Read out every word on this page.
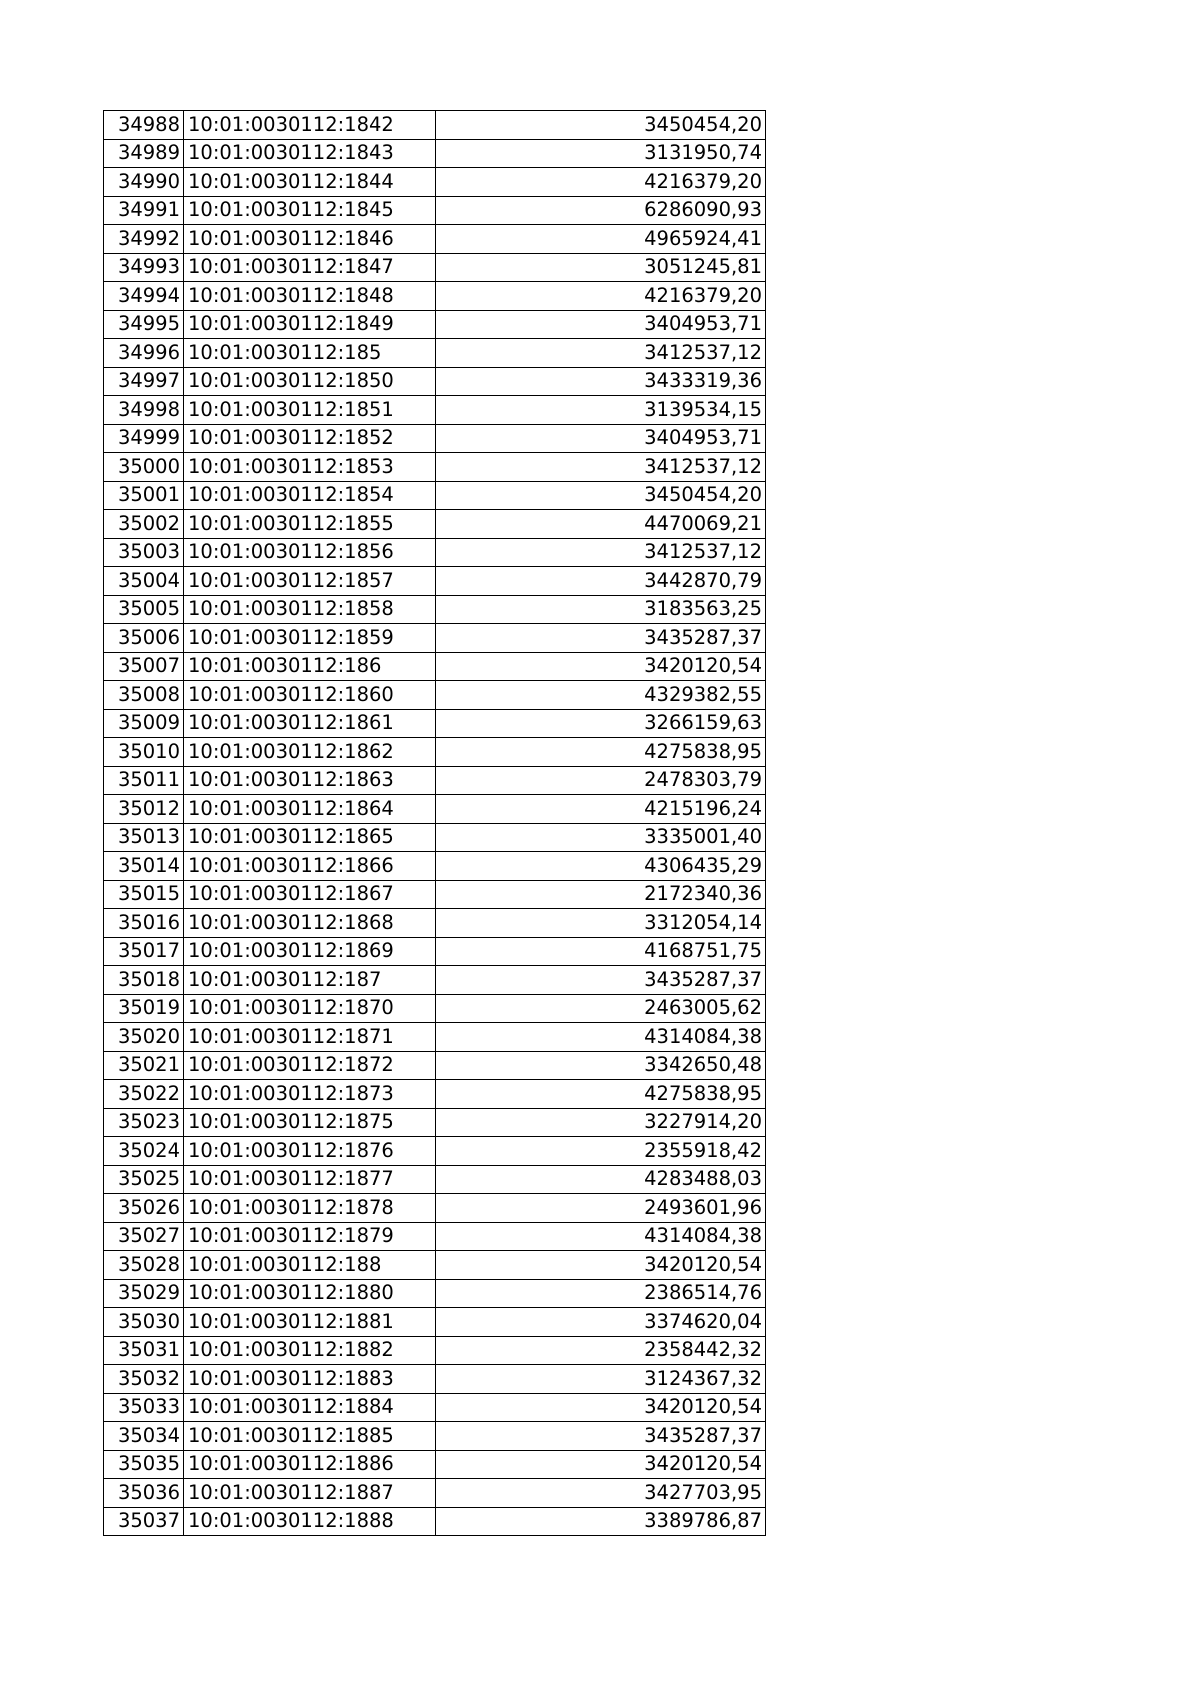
34988	10:01:0030112:1842	3450454,20
34989	10:01:0030112:1843	3131950,74
34990	10:01:0030112:1844	4216379,20
34991	10:01:0030112:1845	6286090,93
34992	10:01:0030112:1846	4965924,41
34993	10:01:0030112:1847	3051245,81
34994	10:01:0030112:1848	4216379,20
34995	10:01:0030112:1849	3404953,71
34996	10:01:0030112:185	3412537,12
34997	10:01:0030112:1850	3433319,36
34998	10:01:0030112:1851	3139534,15
34999	10:01:0030112:1852	3404953,71
35000	10:01:0030112:1853	3412537,12
35001	10:01:0030112:1854	3450454,20
35002	10:01:0030112:1855	4470069,21
35003	10:01:0030112:1856	3412537,12
35004	10:01:0030112:1857	3442870,79
35005	10:01:0030112:1858	3183563,25
35006	10:01:0030112:1859	3435287,37
35007	10:01:0030112:186	3420120,54
35008	10:01:0030112:1860	4329382,55
35009	10:01:0030112:1861	3266159,63
35010	10:01:0030112:1862	4275838,95
35011	10:01:0030112:1863	2478303,79
35012	10:01:0030112:1864	4215196,24
35013	10:01:0030112:1865	3335001,40
35014	10:01:0030112:1866	4306435,29
35015	10:01:0030112:1867	2172340,36
35016	10:01:0030112:1868	3312054,14
35017	10:01:0030112:1869	4168751,75
35018	10:01:0030112:187	3435287,37
35019	10:01:0030112:1870	2463005,62
35020	10:01:0030112:1871	4314084,38
35021	10:01:0030112:1872	3342650,48
35022	10:01:0030112:1873	4275838,95
35023	10:01:0030112:1875	3227914,20
35024	10:01:0030112:1876	2355918,42
35025	10:01:0030112:1877	4283488,03
35026	10:01:0030112:1878	2493601,96
35027	10:01:0030112:1879	4314084,38
35028	10:01:0030112:188	3420120,54
35029	10:01:0030112:1880	2386514,76
35030	10:01:0030112:1881	3374620,04
35031	10:01:0030112:1882	2358442,32
35032	10:01:0030112:1883	3124367,32
35033	10:01:0030112:1884	3420120,54
35034	10:01:0030112:1885	3435287,37
35035	10:01:0030112:1886	3420120,54
35036	10:01:0030112:1887	3427703,95
35037	10:01:0030112:1888	3389786,87
